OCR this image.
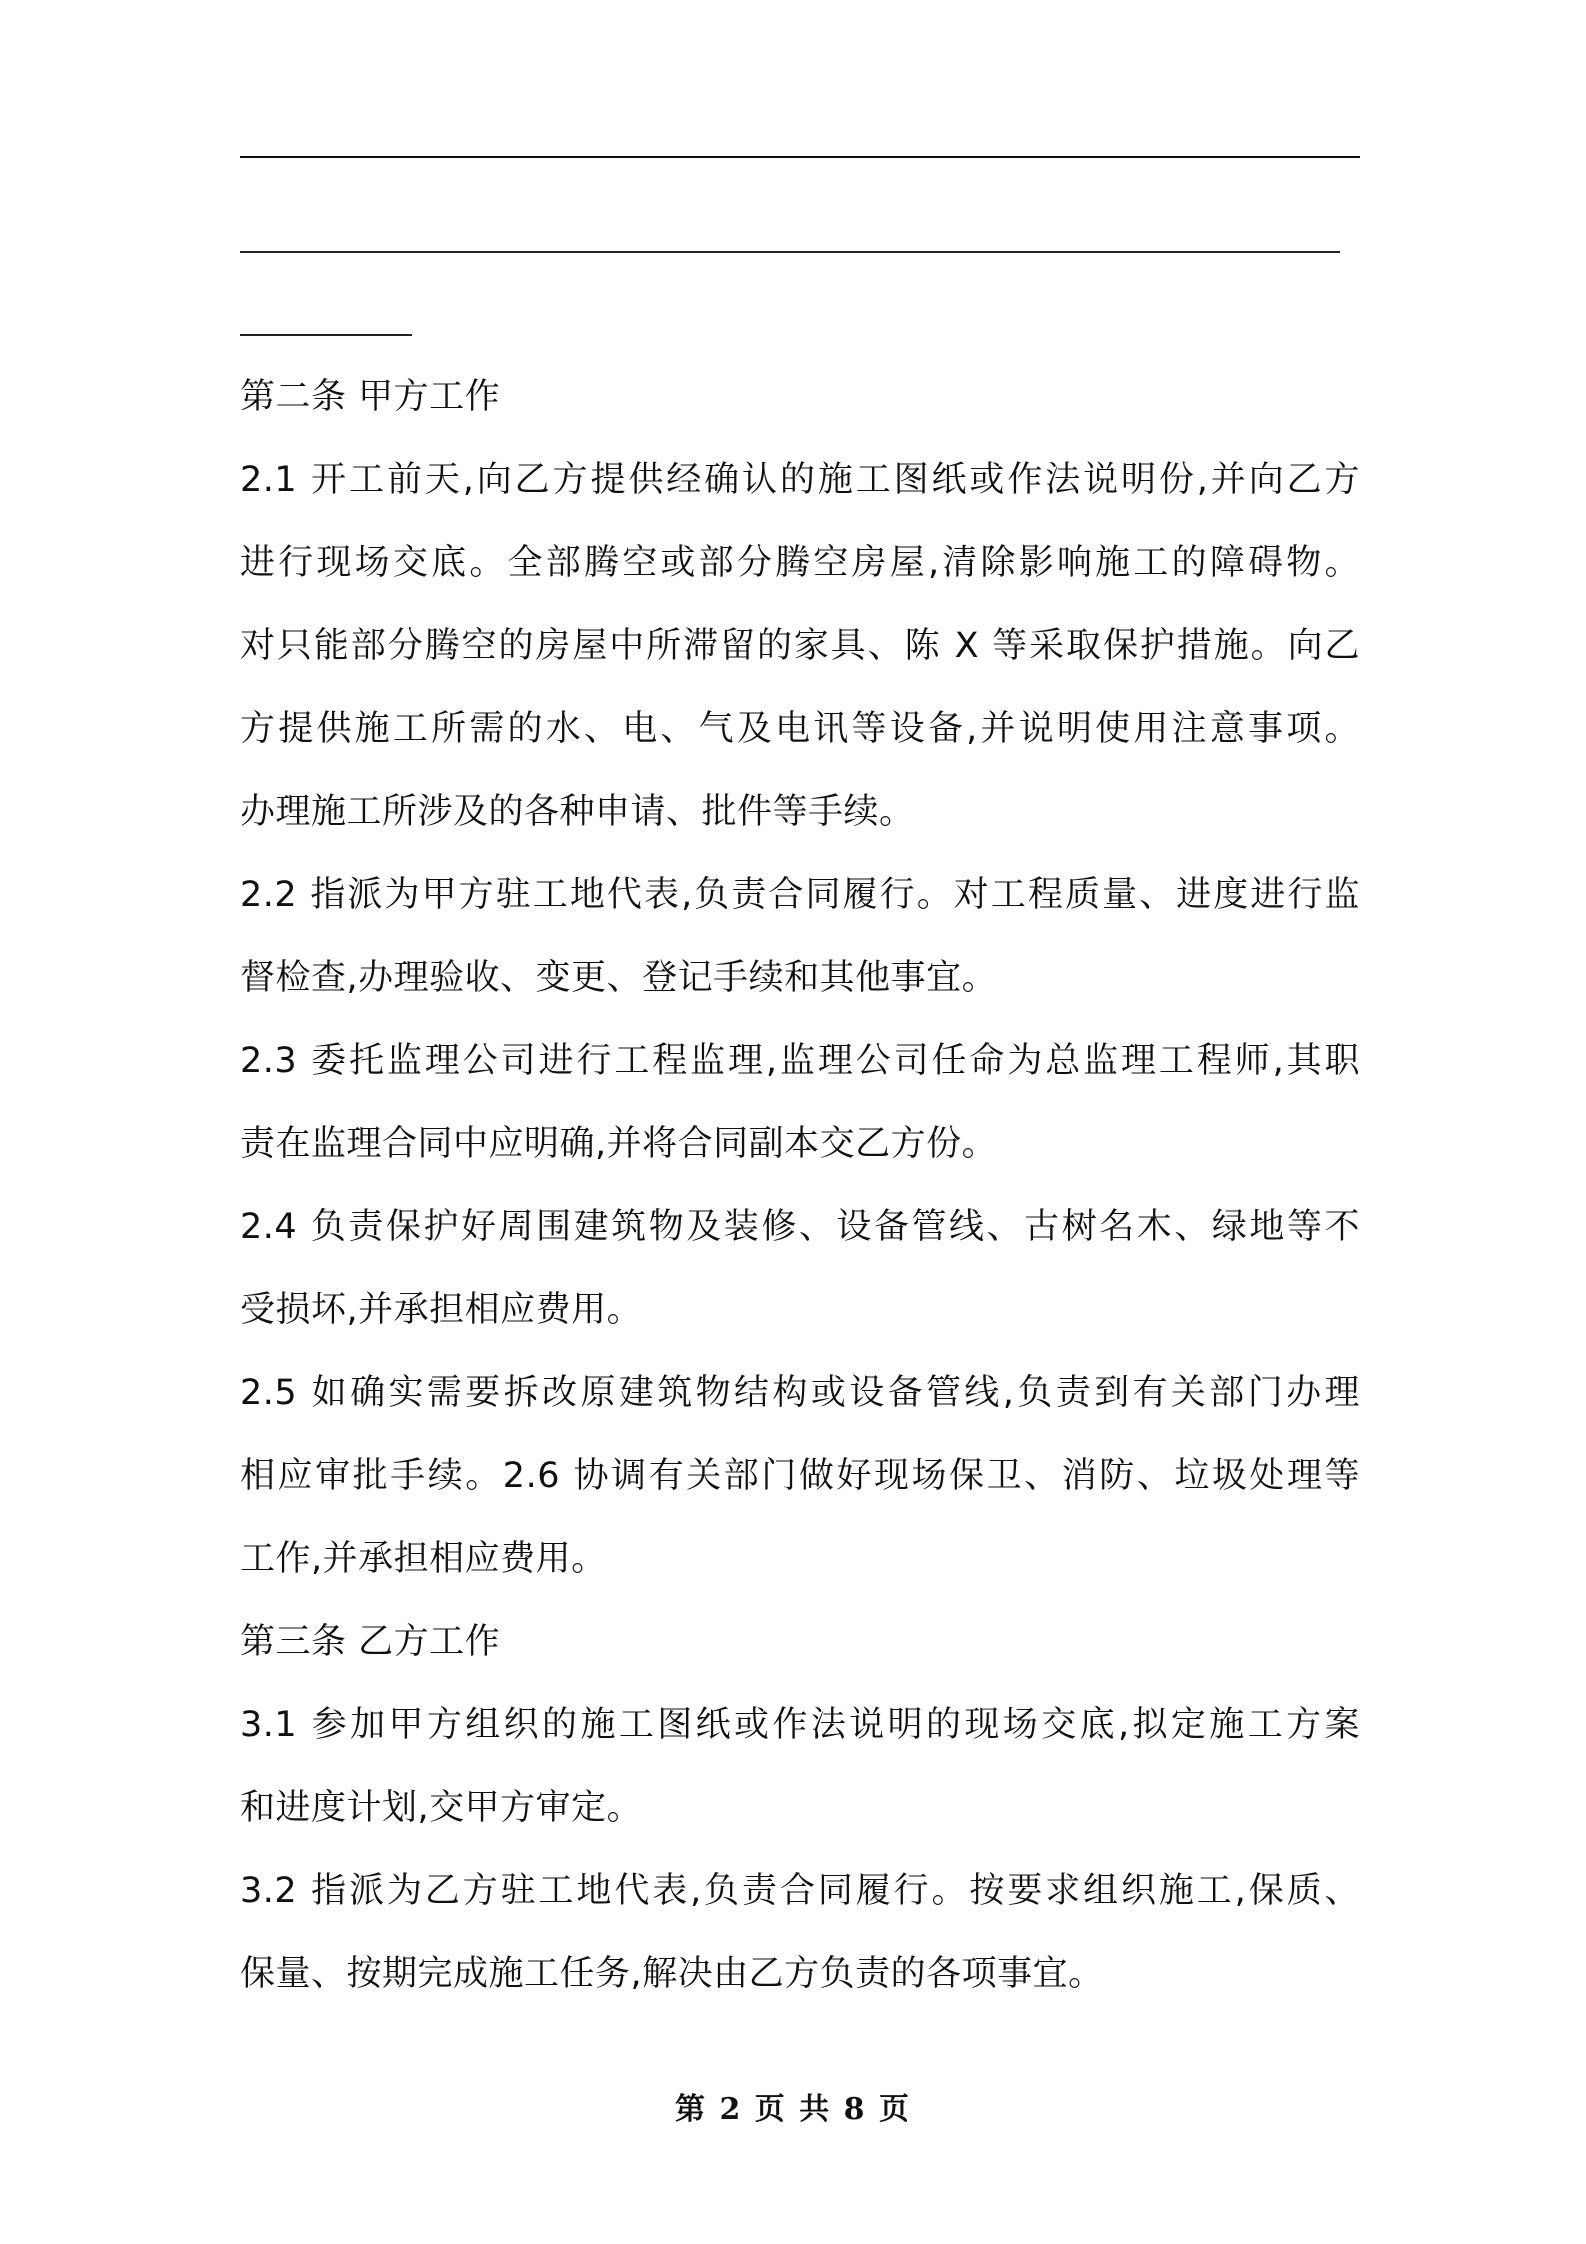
第二条 甲方工作
2.1 开工前天,向乙方提供经确认的施工图纸或作法说明份,并向乙方
进行现场交底。全部腾空或部分腾空房屋,清除影响施工的障碍物。
对只能部分腾空的房屋中所滞留的家具、陈 X 等采取保护措施。向乙
方提供施工所需的水、电、气及电讯等设备,并说明使用注意事项。
办理施工所涉及的各种申请、批件等手续。
2.2 指派为甲方驻工地代表,负责合同履行。对工程质量、进度进行监
督检查,办理验收、变更、登记手续和其他事宜。
2.3 委托监理公司进行工程监理,监理公司任命为总监理工程师,其职
责在监理合同中应明确,并将合同副本交乙方份。
2.4 负责保护好周围建筑物及装修、设备管线、古树名木、绿地等不
受损坏,并承担相应费用。
2.5 如确实需要拆改原建筑物结构或设备管线,负责到有关部门办理
相应审批手续。2.6 协调有关部门做好现场保卫、消防、垃圾处理等
工作,并承担相应费用。
第三条 乙方工作
3.1 参加甲方组织的施工图纸或作法说明的现场交底,拟定施工方案
和进度计划,交甲方审定。
3.2 指派为乙方驻工地代表,负责合同履行。按要求组织施工,保质、
保量、按期完成施工任务,解决由乙方负责的各项事宜。
第 2 页 共 8 页
